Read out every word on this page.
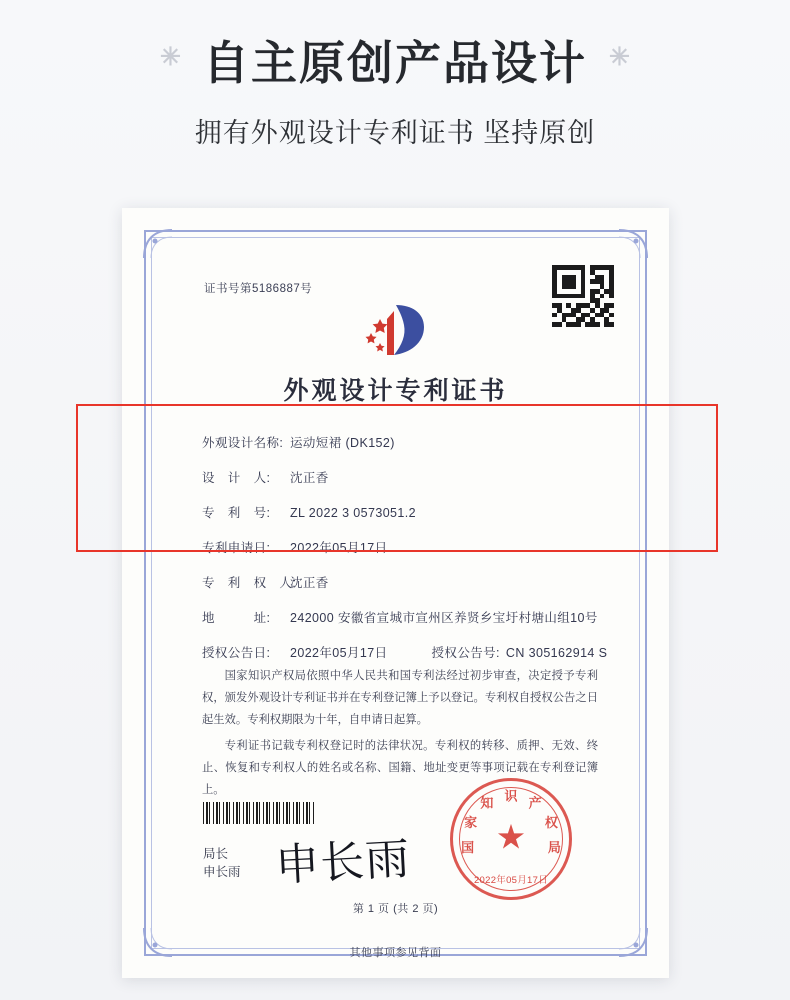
✳ 自主原创产品设计 ✳
拥有外观设计专利证书 坚持原创
证书号第5186887号
外观设计专利证书
外观设计名称: 运动短裙 (DK152)
设　计　人:	沈正香
专　利　号:	ZL 2022 3 0573051.2
专利申请日:	2022年05月17日
专　利　权　人:
沈正香
地　　　址:	242000 安徽省宣城市宣州区养贤乡宝圩村塘山组10号
授权公告日:	2022年05月17日	授权公告号: CN 305162914 S

国家知识产权局依照中华人民共和国专利法经过初步审查，决定授予专利权，颁发外观设计专利证书并在专利登记簿上予以登记。专利权自授权公告之日起生效。专利权期限为十年，自申请日起算。

专利证书记载专利权登记时的法律状况。专利权的转移、质押、无效、终止、恢复和专利权人的姓名或名称、国籍、地址变更等事项记载在专利登记簿上。

局长
申长雨 申长雨	国
家
知 识 产
权
局
★
2022年05月17日
第 1 页 (共 2 页)
其他事项参见背面
